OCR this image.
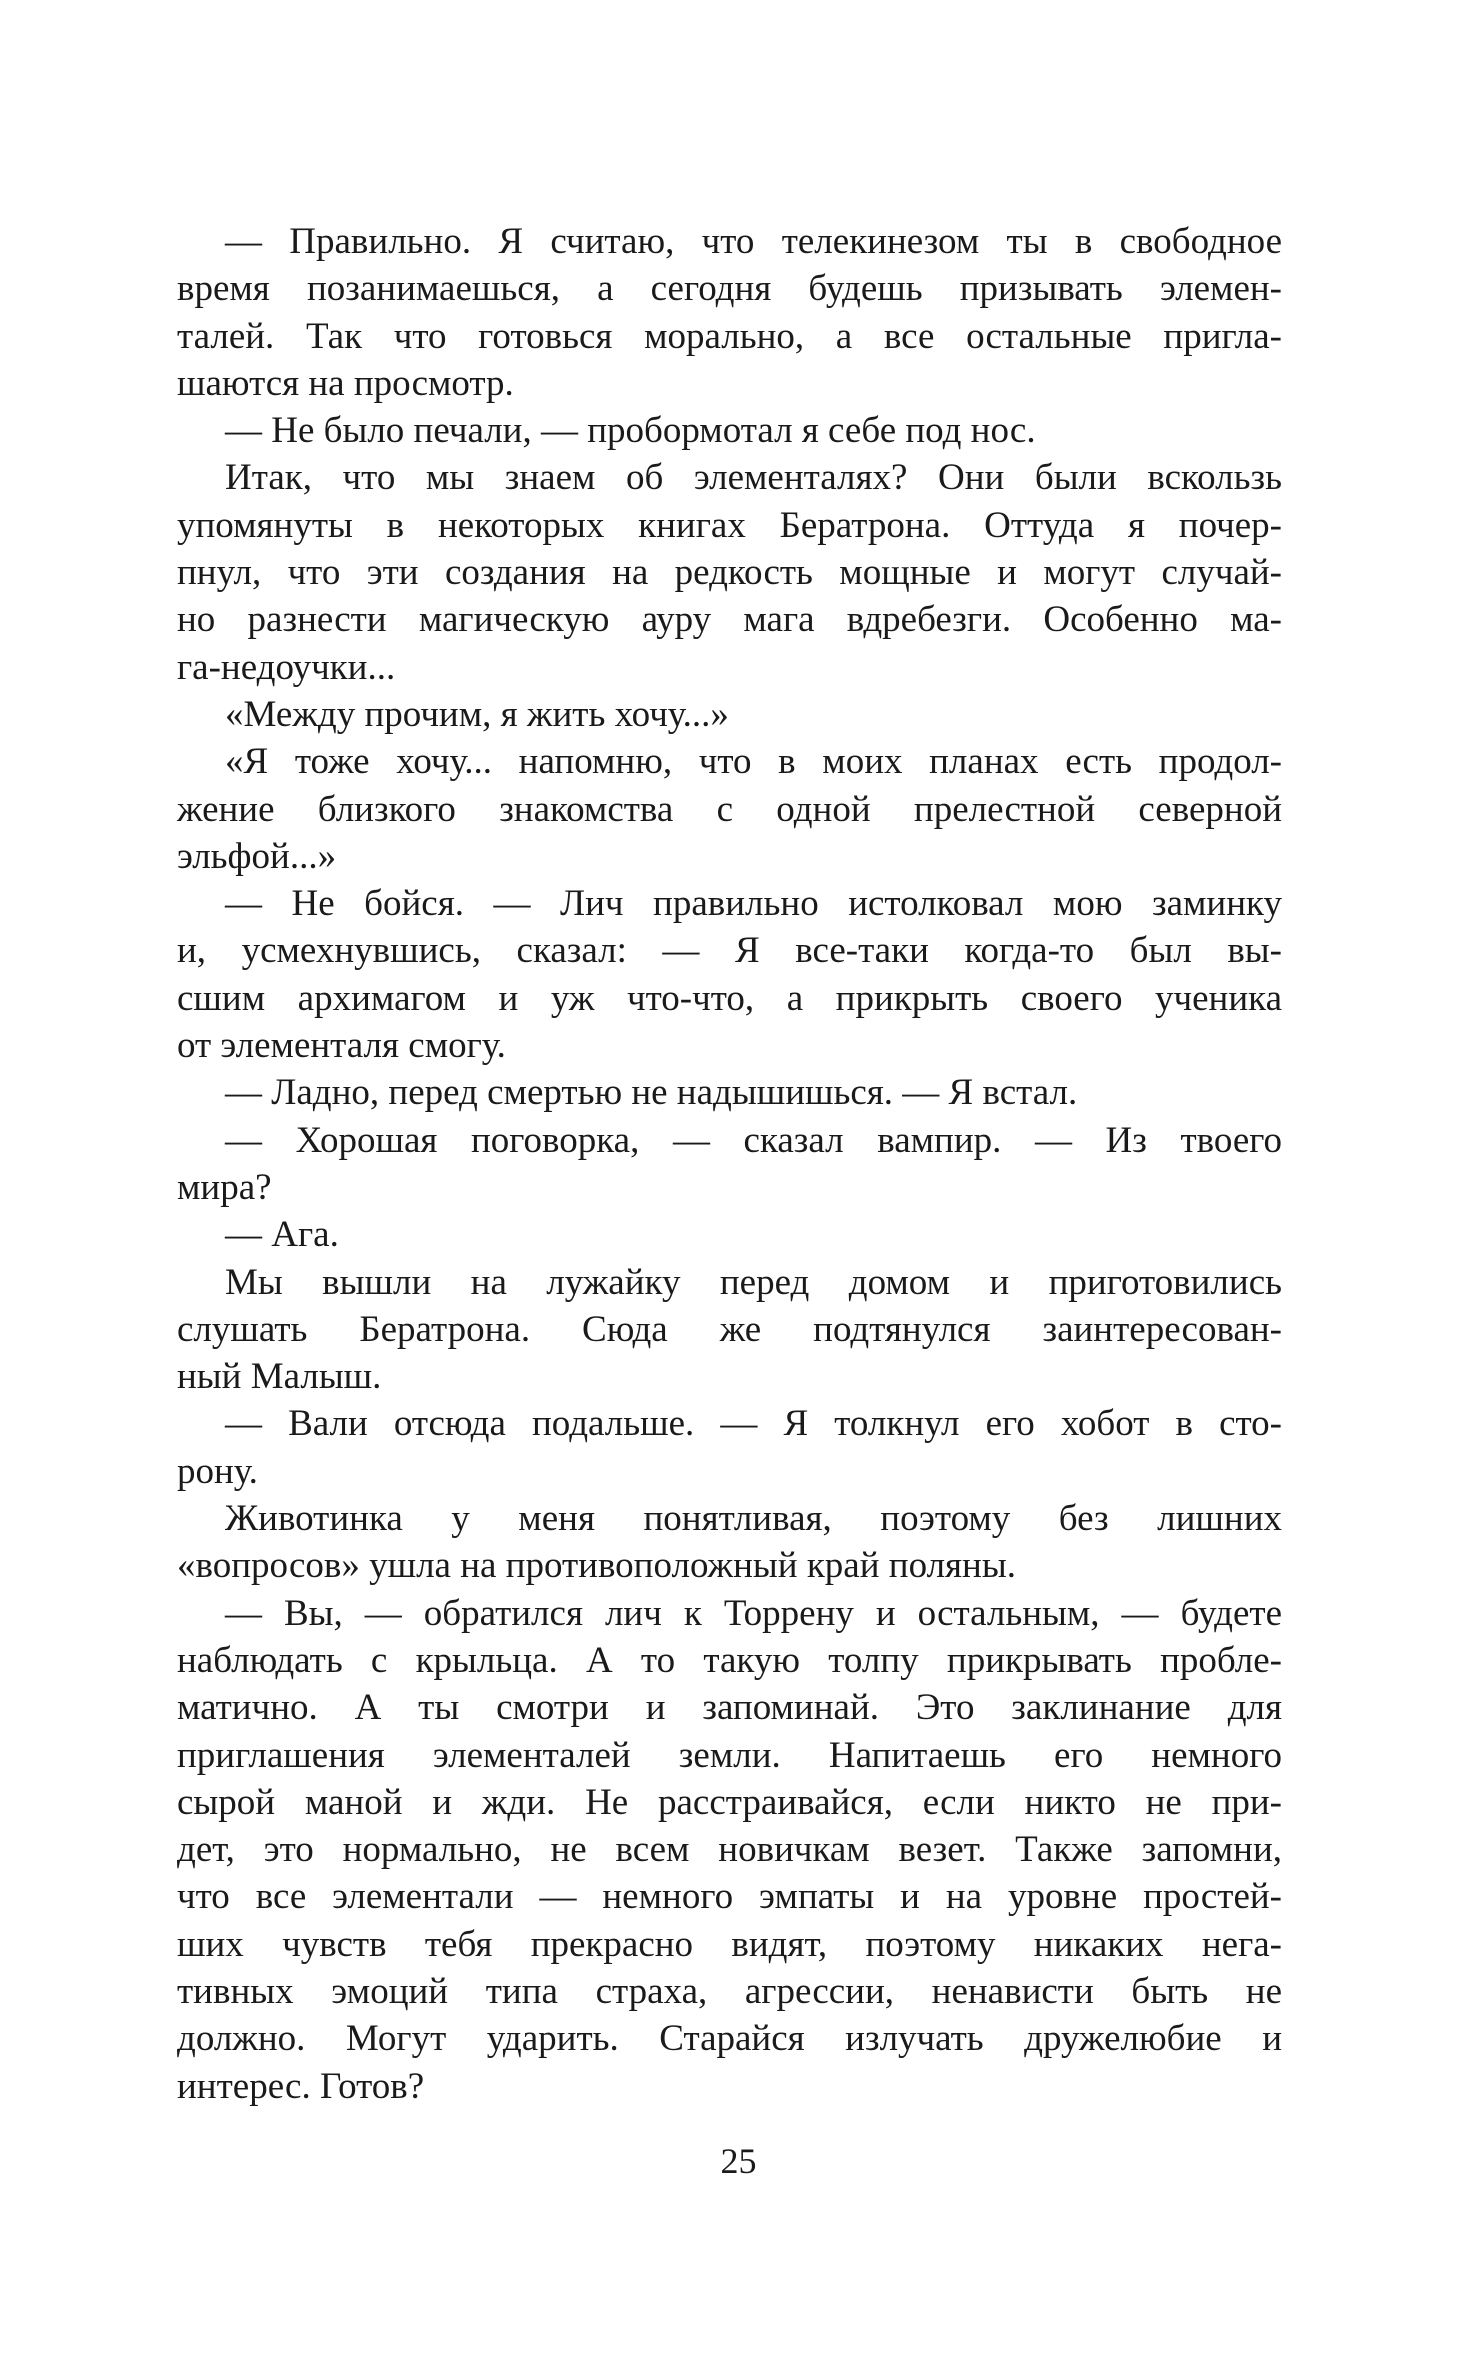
— Правильно. Я считаю, что телекинезом ты в свободное
время позанимаешься, а сегодня будешь призывать элемен-
талей. Так что готовься морально, а все остальные пригла-
шаются на просмотр.
— Не было печали, — пробормотал я себе под нос.
Итак, что мы знаем об элементалях? Они были вскользь
упомянуты в некоторых книгах Бератрона. Оттуда я почер-
пнул, что эти создания на редкость мощные и могут случай-
но разнести магическую ауру мага вдребезги. Особенно ма-
га-недоучки...
«Между прочим, я жить хочу...»
«Я тоже хочу... напомню, что в моих планах есть продол-
жение близкого знакомства с одной прелестной северной
эльфой...»
— Не бойся. — Лич правильно истолковал мою заминку
и, усмехнувшись, сказал: — Я все-таки когда-то был вы-
сшим архимагом и уж что-что, а прикрыть своего ученика
от элементаля смогу.
— Ладно, перед смертью не надышишься. — Я встал.
— Хорошая поговорка, — сказал вампир. — Из твоего
мира?
— Ага.
Мы вышли на лужайку перед домом и приготовились
слушать Бератрона. Сюда же подтянулся заинтересован-
ный Малыш.
— Вали отсюда подальше. — Я толкнул его хобот в сто-
рону.
Животинка у меня понятливая, поэтому без лишних
«вопросов» ушла на противоположный край поляны.
— Вы, — обратился лич к Торрену и остальным, — будете
наблюдать с крыльца. А то такую толпу прикрывать пробле-
матично. А ты смотри и запоминай. Это заклинание для
приглашения элементалей земли. Напитаешь его немного
сырой маной и жди. Не расстраивайся, если никто не при-
дет, это нормально, не всем новичкам везет. Также запомни,
что все элементали — немного эмпаты и на уровне простей-
ших чувств тебя прекрасно видят, поэтому никаких нега-
тивных эмоций типа страха, агрессии, ненависти быть не
должно. Могут ударить. Старайся излучать дружелюбие и
интерес. Готов?
25
